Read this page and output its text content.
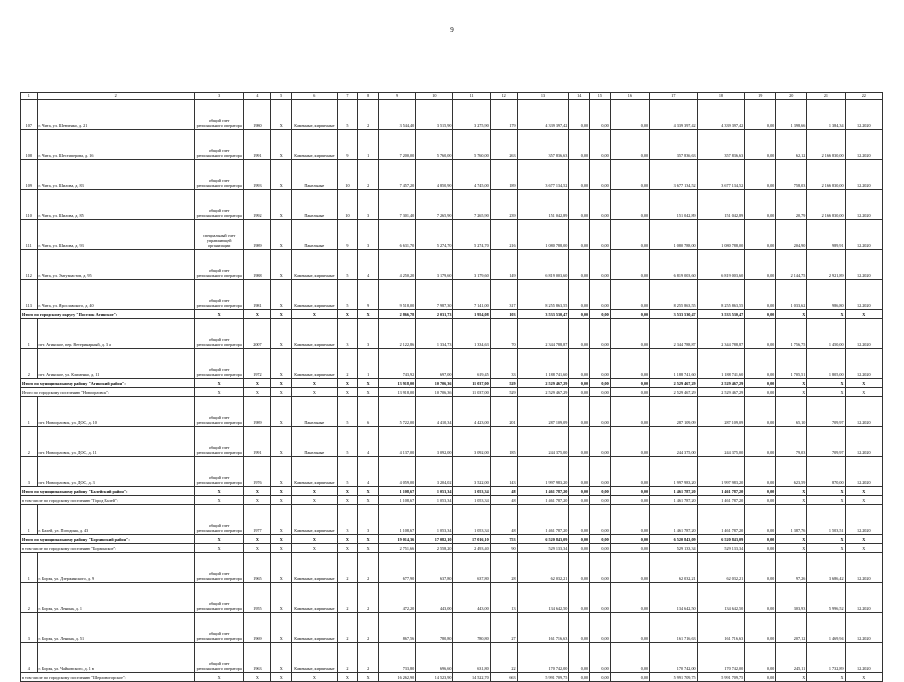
9
1	2	3	4	5	6	7	8	9	10	11	12	13	14	15	16	17	18	19	20	21	22
107	г. Чита, ул. Шевченко, д. 21	общий счет регионального оператора	1980	Х	Каменные, кирпичные	5	2	3 544,40	3 515,90	3 275,90	179	4 339 397,42	0,00	0,00	0,00	4 339 397,42	4 339 397,42	0,00	1 398,66	1 384,34	12.2020
108	г. Чита, ул. Шестиперова, д. 16	общий счет регионального оператора	1991	Х	Каменные, кирпичные	9	1	7 200,00	5 760,00	5 760,00	263	357 836,63	0,00	0,00	0,00	357 836,63	357 836,63	0,00	62,12	2 166 830,00	12.2020
109	г. Чита, ул. Шилова, д. 83	общий счет регионального оператора	1993	Х	Панельные	10	2	7 457,20	4 850,90	4 745,00	189	3 677 134,52	0,00	0,00	0,00	3 677 134,52	3 677 134,52	0,00	758,03	2 166 830,00	12.2020
110	г. Чита, ул. Шилова, д. 85	общий счет регионального оператора	1992	Х	Панельные	10	3	7 301,40	7 265,90	7 265,90	239	151 042,89	0,00	0,00	0,00	151 042,89	151 042,89	0,00	20,79	2 166 830,00	12.2020
111	г. Чита, ул. Шилова, д. 93	специальный счет управляющей организации	1989	Х	Панельные	9	3	6 631,70	5 274,70	5 274,70	216	1 080 788,00	0,00	0,00	0,00	1 080 788,00	1 080 788,00	0,00	204,90	989,91	12.2020
112	г. Чита, ул. Энтузиастов, д. 95	общий счет регионального оператора	1988	Х	Каменные, кирпичные	5	4	4 250,20	3 179,60	3 179,60	149	6 819 003,60	0,00	0,00	0,00	6 819 003,60	6 819 003,60	0,00	2 144,75	2 921,89	12.2020
113	г. Чита, ул. Ярославского, д. 40	общий счет регионального оператора	1981	Х	Каменные, кирпичные	5	9	9 518,00	7 987,30	7 141,00	317	8 255 863,55	0,00	0,00	0,00	8 255 863,55	8 255 863,55	0,00	1 033,62	986,80	12.2020
Итого по городскому округу "Поселок Агинское":		Х	Х	Х	Х	Х	Х	2 866,78	2 031,73	1 954,08	103	3 533 530,47	0,00	0,00	0,00	3 533 530,47	3 533 530,47	0,00	Х	Х	Х
1	пгт. Агинское, пер. Ветеринарный, д. 3 а	общий счет регионального оператора	2007	Х	Каменные, кирпичные	3	3	2 122,86	1 334,73	1 334,63	70	2 344 788,87	0,00	0,00	0,00	2 344 788,87	2 344 788,87	0,00	1 756,75	1 450,00	12.2020
2	пгт. Агинское, ул. Клименко, д. 11	общий счет регионального оператора	1972	Х	Каменные, кирпичные	2	1	743,92	697,00	619,45	33	1 188 741,60	0,00	0,00	0,00	1 188 741,60	1 188 741,60	0,00	1 705,51	1 805,00	12.2020
Итого по муниципальному району "Агинский район":		Х	Х	Х	Х	Х	Х	13 918,00	10 706,36	11 037,00	529	2 529 467,29	0,00	0,00	0,00	2 529 467,29	2 529 467,29	0,00	Х	Х	Х
Итого по городскому поселению "Новоорловск":		Х	Х	Х	Х	Х	Х	13 918,00	10 706,36	11 037,00	529	2 529 467,29	0,00	0,00	0,00	2 529 467,29	2 529 467,29	0,00	Х	Х	Х
1	пгт. Новоорловск, ул. ДОС, д. 10	общий счет регионального оператора	1989	Х	Панельные	5	6	5 722,00	4 410,34	4 423,00	201	287 109,09	0,00	0,00	0,00	287 109,09	287 109,09	0,00	65,10	709,97	12.2020
2	пгт. Новоорловск, ул. ДОС, д. 11	общий счет регионального оператора	1991	Х	Панельные	5	4	4 137,00	3 092,00	3 092,00	185	244 375,00	0,00	0,00	0,00	244 375,00	244 375,00	0,00	79,03	709,97	12.2020
3	пгт. Новоорловск, ул. ДОС, д. 3	общий счет регионального оператора	1976	Х	Каменные, кирпичные	5	4	4 059,00	3 204,02	3 522,00	143	1 997 983,20	0,00	0,00	0,00	1 997 983,20	1 997 983,20	0,00	623,59	870,00	12.2020
Итого по муниципальному району "Балейский район":		Х	Х	Х	Х	Х	Х	1 108,67	1 053,34	1 053,34	48	1 461 787,20	0,00	0,00	0,00	1 461 787,20	1 461 787,20	0,00	Х	Х	Х
в том числе по городскому поселению "Город Балей":		Х	Х	Х	Х	Х	Х	1 108,67	1 053,34	1 053,34	48	1 461 787,20	0,00	0,00	0,00	1 461 787,20	1 461 787,20	0,00	Х	Х	Х
1	г. Балей, ул. Погодина, д. 43	общий счет регионального оператора	1977	Х	Каменные, кирпичные	3	3	1 108,67	1 053,34	1 053,34	48	1 461 787,20	0,00	0,00	0,00	1 461 787,20	1 461 787,20	0,00	1 387,76	1 503,51	12.2020
Итого по муниципальному району "Борзинский район":		Х	Х	Х	Х	Х	Х	19 014,36	17 082,10	17 016,10	753	6 520 843,09	0,00	0,00	0,00	6 520 843,09	6 520 843,09	0,00	Х	Х	Х
в том числе по городскому поселению "Борзинское":		Х	Х	Х	Х	Х	Х	2 751,66	2 558,20	2 493,40	90	529 133,34	0,00	0,00	0,00	529 133,34	529 133,34	0,00	Х	Х	Х
1	г. Борзя, ул. Дзержинского, д. 9	общий счет регионального оператора	1965	Х	Каменные, кирпичные	2	2	677,90	637,80	637,80	28	62 032,21	0,00	0,00	0,00	62 032,21	62 032,21	0,00	97,26	3 686,42	12.2020
2	г. Борзя, ул. Ленина, д. 1	общий счет регионального оператора	1955	Х	Каменные, кирпичные	2	2	472,20	443,00	443,00	13	134 642,50	0,00	0,00	0,00	134 642,50	134 642,50	0,00	303,93	5 996,52	12.2020
3	г. Борзя, ул. Ленина, д. 51	общий счет регионального оператора	1969	Х	Каменные, кирпичные	2	2	867,56	780,80	780,80	27	161 716,63	0,00	0,00	0,00	161 716,63	161 716,63	0,00	207,12	1 469,94	12.2020
4	г. Борзя, ул. Чайковского, д. 1 в	общий счет регионального оператора	1963	Х	Каменные, кирпичные	2	2	733,80	696,60	631,80	22	170 742,00	0,00	0,00	0,00	170 742,00	170 742,00	0,00	245,11	1 732,89	12.2020
в том числе по городскому поселению "Шерловогорское":		Х	Х	Х	Х	Х	Х	16 262,90	14 523,90	14 522,70	663	5 991 709,75	0,00	0,00	0,00	5 991 709,75	5 991 709,75	0,00	Х	Х	Х
